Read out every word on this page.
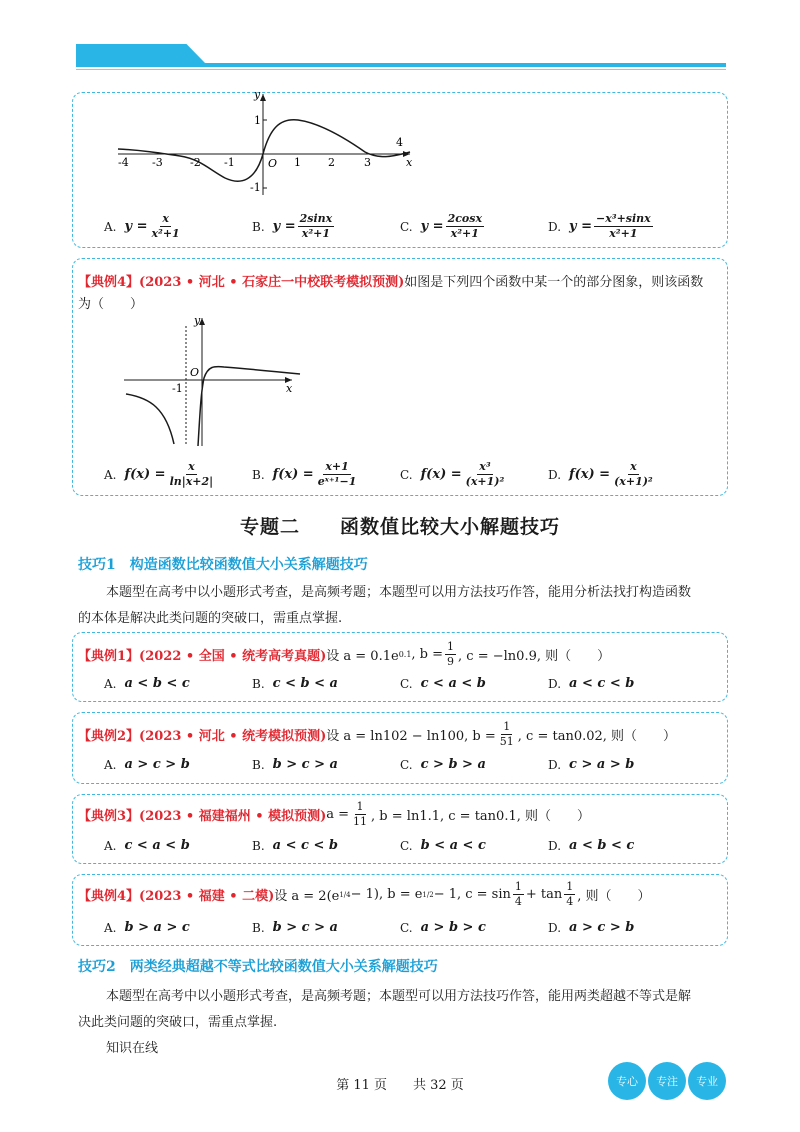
y
x
O
-4 -3 -2 -1	1 2	3
4
1
-1
A. $y = \frac{x}{\text{x²+1}}$	B. $y = \frac{2\sin x}{\text{x²+1}}$	C. $y = \frac{2\cos x}{\text{x²+1}}$	D. $y = \frac{\text{−x³+sinx}}{\text{x²+1}}$
【典例4】(2023 • 河北 • 石家庄一中校联考模拟预测)如图是下列四个函数中某一个的部分图象，则该函数
为（　　）
y
x
O
-1
A. $f(x) = \frac{x}{\ln|x+2|}$	B. $f(x) = \frac{x+1}{\text{eˣ⁺¹−1}}$	C. $f(x) = \frac{\text{x³}}{\text{(x+1)²}}$	D. $f(x) = \frac{x}{\text{(x+1)²}}$
专题二　　函数值比较大小解题技巧
技巧1　构造函数比较函数值大小关系解题技巧
本题型在高考中以小题形式考查，是高频考题；本题型可以用方法技巧作答，能用分析法找打构造函数
的本体是解决此类问题的突破口，需重点掌握.
【典例1】 (2022 • 全国 • 统考高考真题) 设 a = 0.1e 0.1 , $b = \frac{1}{9}$ , c = −ln0.9, 则（　　）
A. a < b < c	B. c < b < a	C. c < a < b	D. a < c < b
【典例2】 (2023 • 河北 • 统考模拟预测) 设 a = ln102 − ln100, $b = \frac{1}{51}$ , c = tan0.02, 则（　　）
A. a > c > b	B. b > c > a	C. c > b > a	D. c > a > b
【典例3】 (2023 • 福建福州 • 模拟预测) $a = \frac{1}{11}$ , b = ln1.1, c = tan0.1, 则（　　）
A. c < a < b	B. a < c < b	C. b < a < c	D. a < b < c
【典例4】 (2023 • 福建 • 二模) 设 a = 2(e 1/4 − 1), b = e 1/2 − 1, $c = \sin \frac{1}{4} + \tan \frac{1}{4}$ , 则（　　）
A. b > a > c	B. b > c > a	C. a > b > c	D. a > c > b
技巧2　两类经典超越不等式比较函数值大小关系解题技巧
本题型在高考中以小题形式考查，是高频考题；本题型可以用方法技巧作答，能用两类超越不等式是解
决此类问题的突破口，需重点掌握.
知识在线
第 11 页　　共 32 页	专心	专注	专业
